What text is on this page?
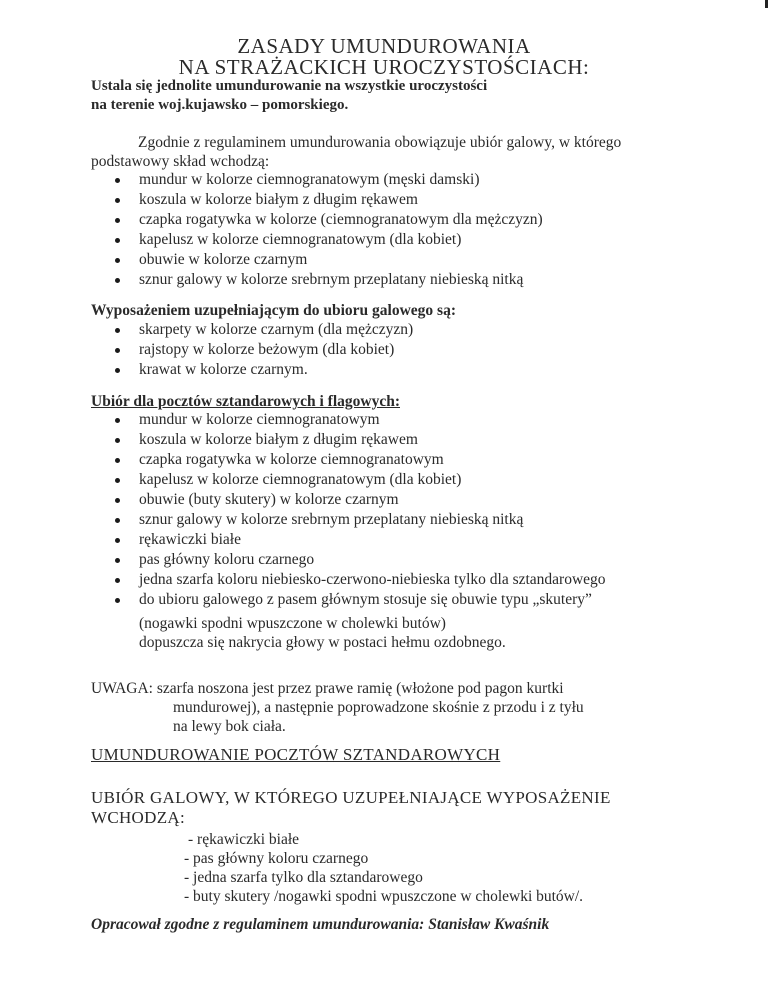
ZASADY UMUNDUROWANIA
NA STRAŻACKICH UROCZYSTOŚCIACH:
Ustala się jednolite umundurowanie na wszystkie uroczystości
na terenie woj.kujawsko – pomorskiego.
Zgodnie z regulaminem umundurowania obowiązuje ubiór galowy, w którego
podstawowy skład wchodzą:
mundur w kolorze ciemnogranatowym (męski damski)
koszula w kolorze białym z długim rękawem
czapka rogatywka w kolorze (ciemnogranatowym dla mężczyzn)
kapelusz w kolorze ciemnogranatowym (dla kobiet)
obuwie w kolorze czarnym
sznur galowy w kolorze srebrnym przeplatany niebieską nitką
Wyposażeniem uzupełniającym do ubioru galowego są:
skarpety w kolorze czarnym (dla mężczyzn)
rajstopy w kolorze beżowym (dla kobiet)
krawat w kolorze czarnym.
Ubiór dla pocztów sztandarowych i flagowych:
mundur w kolorze ciemnogranatowym
koszula w kolorze białym z długim rękawem
czapka rogatywka w kolorze ciemnogranatowym
kapelusz w kolorze ciemnogranatowym (dla kobiet)
obuwie (buty skutery) w kolorze czarnym
sznur galowy w kolorze srebrnym przeplatany niebieską nitką
rękawiczki białe
pas główny koloru czarnego
jedna szarfa koloru niebiesko-czerwono-niebieska tylko dla sztandarowego
do ubioru galowego z pasem głównym stosuje się obuwie typu „skutery”
(nogawki spodni wpuszczone w cholewki butów)
dopuszcza się nakrycia głowy w postaci hełmu ozdobnego.
UWAGA: szarfa noszona jest przez prawe ramię (włożone pod pagon kurtki
mundurowej), a następnie poprowadzone skośnie z przodu i z tyłu
na lewy bok ciała.
UMUNDUROWANIE POCZTÓW SZTANDAROWYCH
UBIÓR GALOWY, W KTÓREGO UZUPEŁNIAJĄCE WYPOSAŻENIE
WCHODZĄ:
- rękawiczki białe
- pas główny koloru czarnego
- jedna szarfa tylko dla sztandarowego
- buty skutery /nogawki spodni wpuszczone w cholewki butów/.
Opracował zgodne z regulaminem umundurowania: Stanisław Kwaśnik
